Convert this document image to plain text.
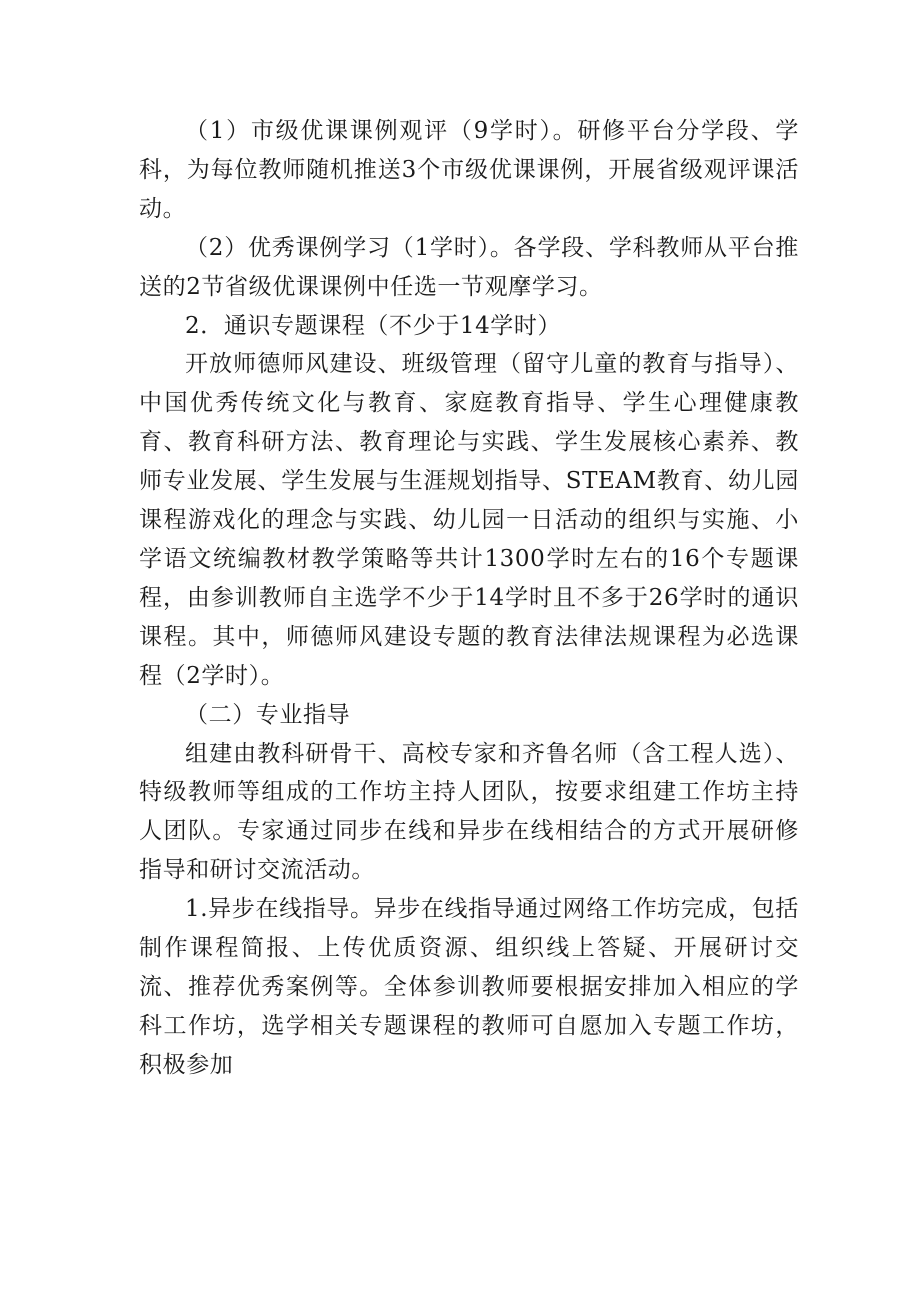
（1）市级优课课例观评（9学时）。研修平台分学段、学科，为每位教师随机推送3个市级优课课例，开展省级观评课活动。

（2）优秀课例学习（1学时）。各学段、学科教师从平台推送的2节省级优课课例中任选一节观摩学习。

2．通识专题课程（不少于14学时）

开放师德师风建设、班级管理（留守儿童的教育与指导）、中国优秀传统文化与教育、家庭教育指导、学生心理健康教育、教育科研方法、教育理论与实践、学生发展核心素养、教师专业发展、学生发展与生涯规划指导、STEAM教育、幼儿园课程游戏化的理念与实践、幼儿园一日活动的组织与实施、小学语文统编教材教学策略等共计1300学时左右的16个专题课程，由参训教师自主选学不少于14学时且不多于26学时的通识课程。其中，师德师风建设专题的教育法律法规课程为必选课程（2学时）。

（二）专业指导

组建由教科研骨干、高校专家和齐鲁名师（含工程人选）、特级教师等组成的工作坊主持人团队，按要求组建工作坊主持人团队。专家通过同步在线和异步在线相结合的方式开展研修指导和研讨交流活动。

1.异步在线指导。异步在线指导通过网络工作坊完成，包括制作课程简报、上传优质资源、组织线上答疑、开展研讨交流、推荐优秀案例等。全体参训教师要根据安排加入相应的学科工作坊，选学相关专题课程的教师可自愿加入专题工作坊，积极参加
